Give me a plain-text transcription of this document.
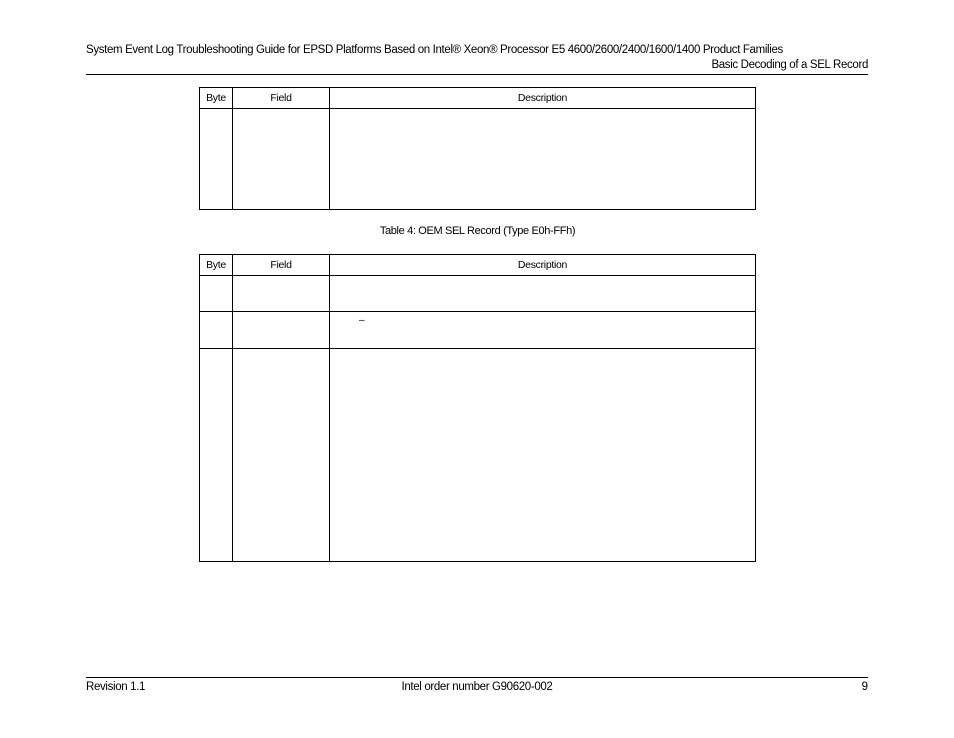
System Event Log Troubleshooting Guide for EPSD Platforms Based on Intel® Xeon® Processor E5 4600/2600/2400/1600/1400 Product Families
Basic Decoding of a SEL Record
Byte	Field	Description

Table 4: OEM SEL Record (Type E0h-FFh)
Byte	Field	Description

		–

Revision 1.1	Intel order number G90620-002	9
